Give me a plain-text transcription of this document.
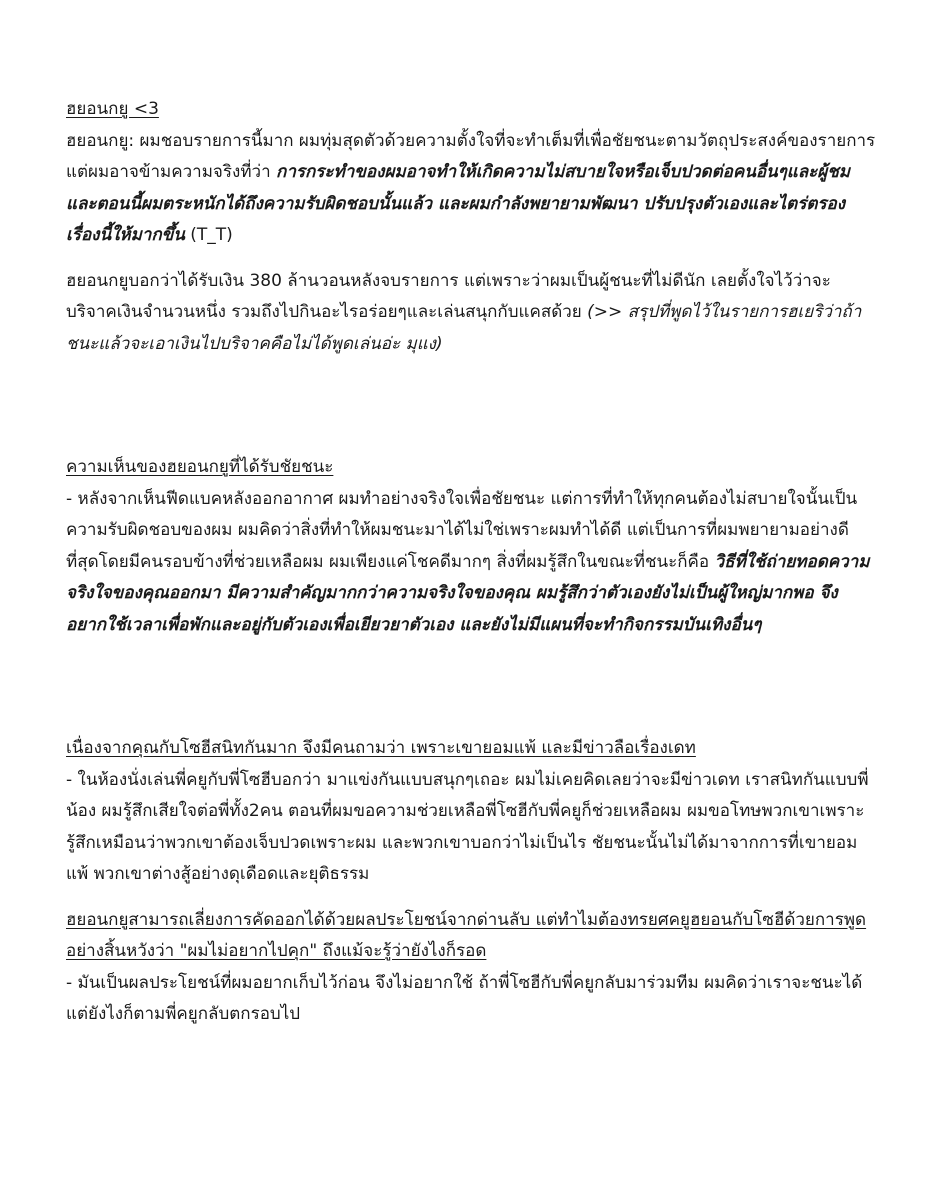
ฮยอนกยู <3

ฮยอนกยู: ผมชอบรายการนี้มาก ผมทุ่มสุดตัวด้วยความตั้งใจที่จะทำเต็มที่เพื่อชัยชนะตามวัตถุประสงค์ของรายการ แต่ผมอาจข้ามความจริงที่ว่า การกระทำของผมอาจทำให้เกิดความไม่สบายใจหรือเจ็บปวดต่อคนอื่นๆและผู้ชม และตอนนี้ผมตระหนักได้ถึงความรับผิดชอบนั้นแล้ว และผมกำลังพยายามพัฒนา ปรับปรุงตัวเองและไตร่ตรองเรื่องนี้ให้มากขึ้น (T_T)

ฮยอนกยูบอกว่าได้รับเงิน 380 ล้านวอนหลังจบรายการ แต่เพราะว่าผมเป็นผู้ชนะที่ไม่ดีนัก เลยตั้งใจไว้ว่าจะบริจาคเงินจำนวนหนึ่ง รวมถึงไปกินอะไรอร่อยๆและเล่นสนุกกับแคสด้วย (>> สรุปที่พูดไว้ในรายการฮเยริว่าถ้าชนะแล้วจะเอาเงินไปบริจาคคือไม่ได้พูดเล่นอ่ะ มุแง)

ความเห็นของฮยอนกยูที่ได้รับชัยชนะ

- หลังจากเห็นฟีดแบคหลังออกอากาศ ผมทำอย่างจริงใจเพื่อชัยชนะ แต่การที่ทำให้ทุกคนต้องไม่สบายใจนั้นเป็นความรับผิดชอบของผม ผมคิดว่าสิ่งที่ทำให้ผมชนะมาได้ไม่ใช่เพราะผมทำได้ดี แต่เป็นการที่ผมพยายามอย่างดีที่สุดโดยมีคนรอบข้างที่ช่วยเหลือผม ผมเพียงแค่โชคดีมากๆ สิ่งที่ผมรู้สึกในขณะที่ชนะก็คือ วิธีที่ใช้ถ่ายทอดความจริงใจของคุณออกมา มีความสำคัญมากกว่าความจริงใจของคุณ ผมรู้สึกว่าตัวเองยังไม่เป็นผู้ใหญ่มากพอ จึงอยากใช้เวลาเพื่อพักและอยู่กับตัวเองเพื่อเยียวยาตัวเอง และยังไม่มีแผนที่จะทำกิจกรรมบันเทิงอื่นๆ

เนื่องจากคุณกับโซฮีสนิทกันมาก จึงมีคนถามว่า เพราะเขายอมแพ้ และมีข่าวลือเรื่องเดท

- ในห้องนั่งเล่นพี่คยูกับพี่โซฮีบอกว่า มาแข่งกันแบบสนุกๆเถอะ ผมไม่เคยคิดเลยว่าจะมีข่าวเดท เราสนิทกันแบบพี่น้อง ผมรู้สึกเสียใจต่อพี่ทั้ง2คน ตอนที่ผมขอความช่วยเหลือพี่โซฮีกับพี่คยูก็ช่วยเหลือผม ผมขอโทษพวกเขาเพราะรู้สึกเหมือนว่าพวกเขาต้องเจ็บปวดเพราะผม และพวกเขาบอกว่าไม่เป็นไร ชัยชนะนั้นไม่ได้มาจากการที่เขายอมแพ้ พวกเขาต่างสู้อย่างดุเดือดและยุติธรรม

ฮยอนกยูสามารถเลี่ยงการคัดออกได้ด้วยผลประโยชน์จากด่านลับ แต่ทำไมต้องทรยศคยูฮยอนกับโซฮีด้วยการพูดอย่างสิ้นหวังว่า "ผมไม่อยากไปคุก" ถึงแม้จะรู้ว่ายังไงก็รอด

- มันเป็นผลประโยชน์ที่ผมอยากเก็บไว้ก่อน จึงไม่อยากใช้ ถ้าพี่โซฮีกับพี่คยูกลับมาร่วมทีม ผมคิดว่าเราจะชนะได้ แต่ยังไงก็ตามพี่คยูกลับตกรอบไป
